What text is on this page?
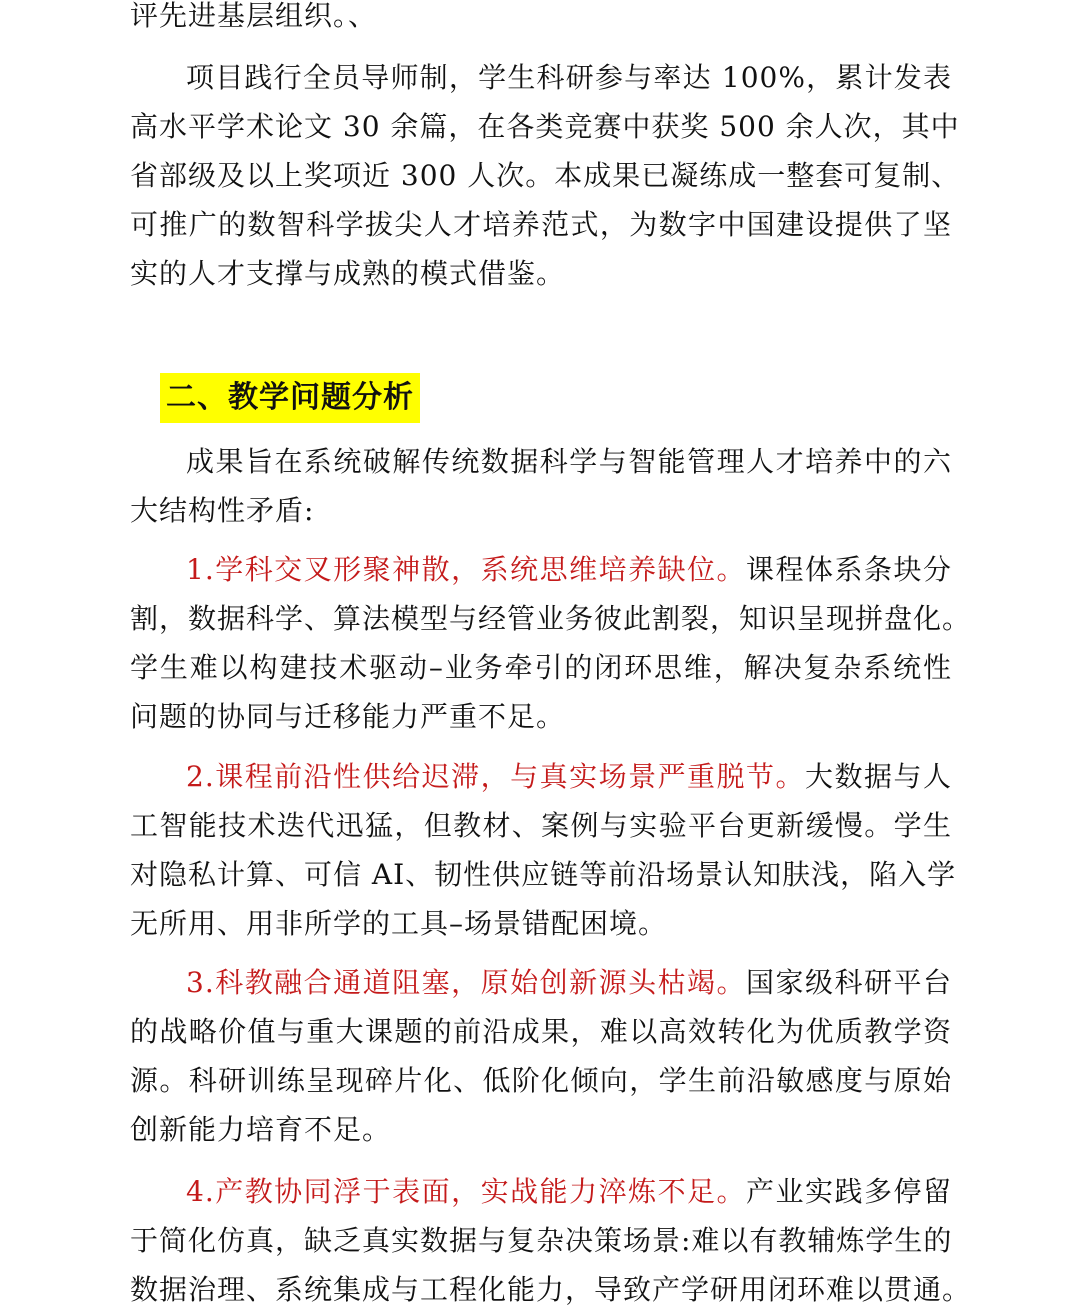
评先进基层组织。、
项目践行全员导师制，学生科研参与率达 100%，累计发表
高水平学术论文 30 余篇，在各类竞赛中获奖 500 余人次，其中
省部级及以上奖项近 300 人次。本成果已凝练成一整套可复制、
可推广的数智科学拔尖人才培养范式，为数字中国建设提供了坚
实的人才支撑与成熟的模式借鉴。
二、教学问题分析
成果旨在系统破解传统数据科学与智能管理人才培养中的六
大结构性矛盾:
1.学科交叉形聚神散，系统思维培养缺位。课程体系条块分
割，数据科学、算法模型与经管业务彼此割裂，知识呈现拼盘化。
学生难以构建技术驱动–业务牵引的闭环思维，解决复杂系统性
问题的协同与迁移能力严重不足。
2.课程前沿性供给迟滞，与真实场景严重脱节。大数据与人
工智能技术迭代迅猛，但教材、案例与实验平台更新缓慢。学生
对隐私计算、可信 AI、韧性供应链等前沿场景认知肤浅，陷入学
无所用、用非所学的工具–场景错配困境。
3.科教融合通道阻塞，原始创新源头枯竭。国家级科研平台
的战略价值与重大课题的前沿成果，难以高效转化为优质教学资
源。科研训练呈现碎片化、低阶化倾向，学生前沿敏感度与原始
创新能力培育不足。
4.产教协同浮于表面，实战能力淬炼不足。产业实践多停留
于简化仿真，缺乏真实数据与复杂决策场景:难以有教辅炼学生的
数据治理、系统集成与工程化能力，导致产学研用闭环难以贯通。
